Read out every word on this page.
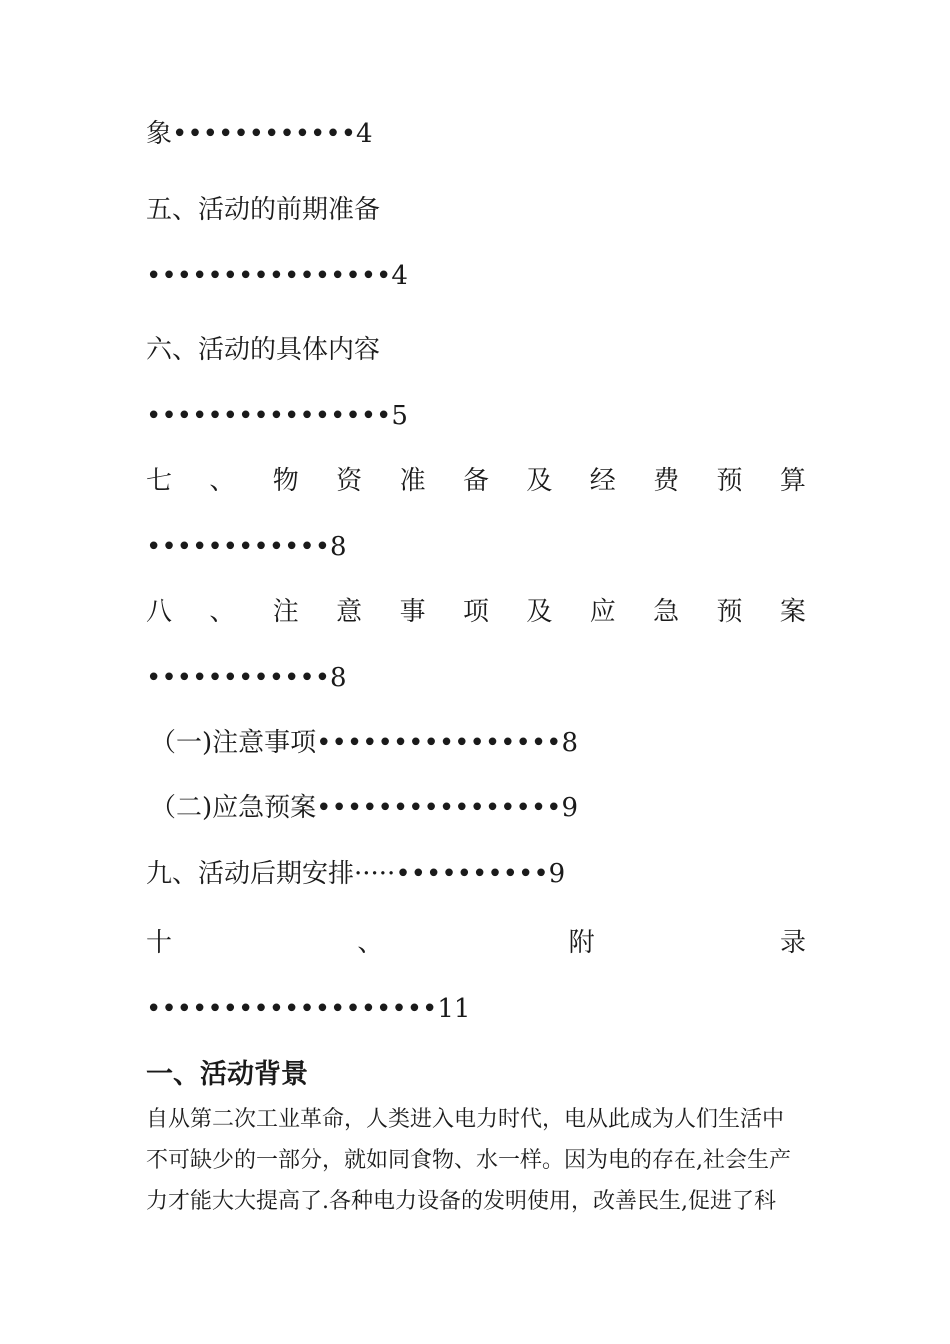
象••••••••••••4
五、活动的前期准备
••••••••••••••••4
六、活动的具体内容
••••••••••••••••5
七 、 物 资 准 备 及 经 费 预 算
••••••••••••8
八 、 注 意 事 项 及 应 急 预 案
••••••••••••8
（一)注意事项••••••••••••••••8
（二)应急预案••••••••••••••••9
九、活动后期安排·····••••••••••9
十	、	附	录
•••••••••••••••••••11
一、活动背景
自从第二次工业革命，人类进入电力时代，电从此成为人们生活中
不可缺少的一部分，就如同食物、水一样。因为电的存在,社会生产
力才能大大提高了.各种电力设备的发明使用，改善民生,促进了科
